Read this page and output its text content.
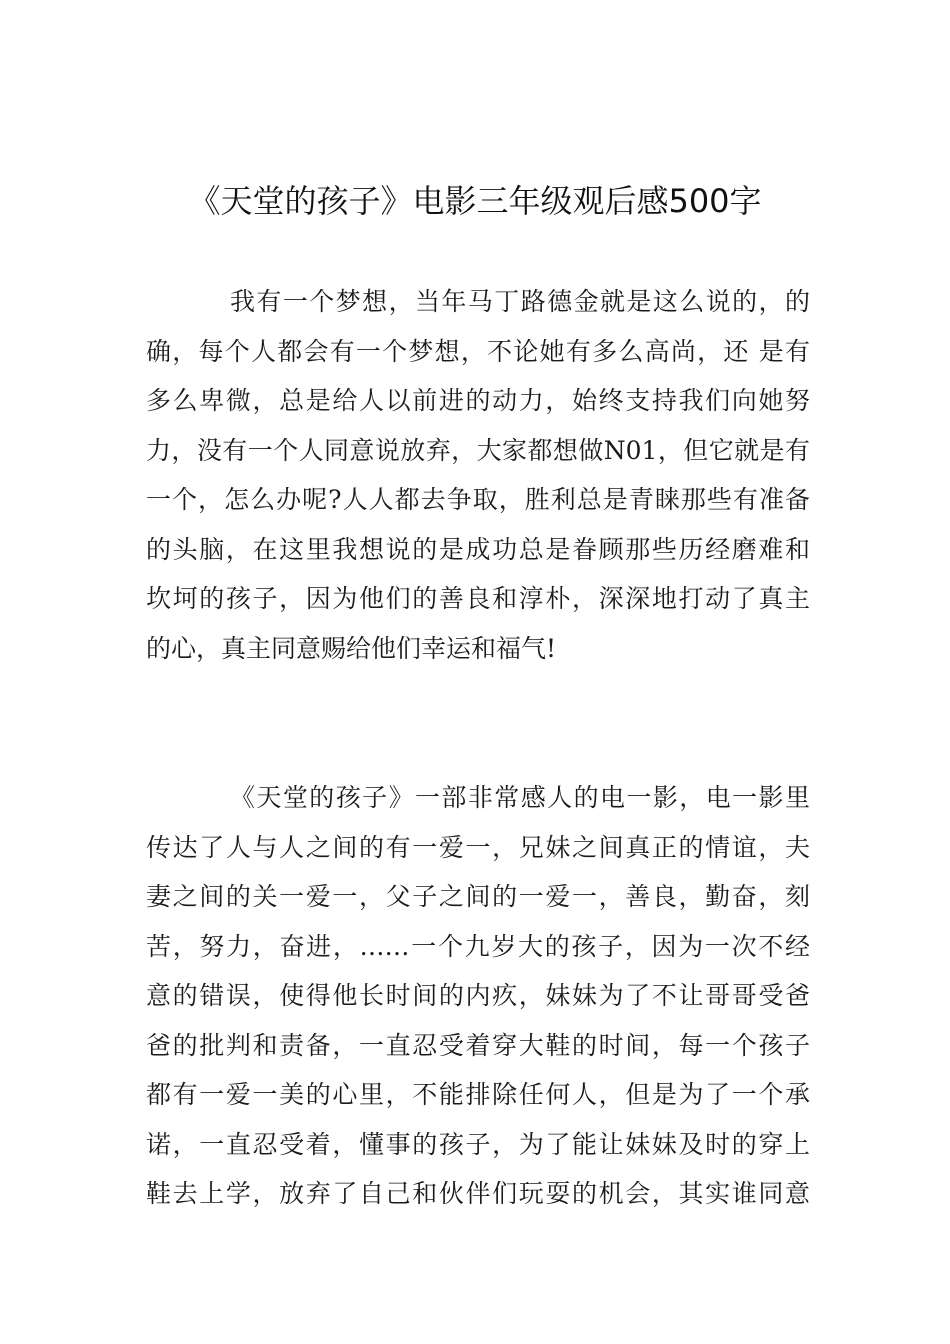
《天堂的孩子》电影三年级观后感500字
我有一个梦想，当年马丁路德金就是这么说的，的
确，每个人都会有一个梦想，不论她有多么高尚，还 是有
多么卑微，总是给人以前进的动力，始终支持我们向她努
力，没有一个人同意说放弃，大家都想做N01，但它就是有
一个，怎么办呢?人人都去争取，胜利总是青睐那些有准备
的头脑，在这里我想说的是成功总是眷顾那些历经磨难和
坎坷的孩子，因为他们的善良和淳朴，深深地打动了真主
的心，真主同意赐给他们幸运和福气!
《天堂的孩子》一部非常感人的电一影，电一影里
传达了人与人之间的有一爱一，兄妹之间真正的情谊，夫
妻之间的关一爱一，父子之间的一爱一，善良，勤奋，刻
苦，努力，奋进，……一个九岁大的孩子，因为一次不经
意的错误，使得他长时间的内疚，妹妹为了不让哥哥受爸
爸的批判和责备，一直忍受着穿大鞋的时间，每一个孩子
都有一爱一美的心里，不能排除任何人，但是为了一个承
诺，一直忍受着，懂事的孩子，为了能让妹妹及时的穿上
鞋去上学，放弃了自己和伙伴们玩耍的机会，其实谁同意
